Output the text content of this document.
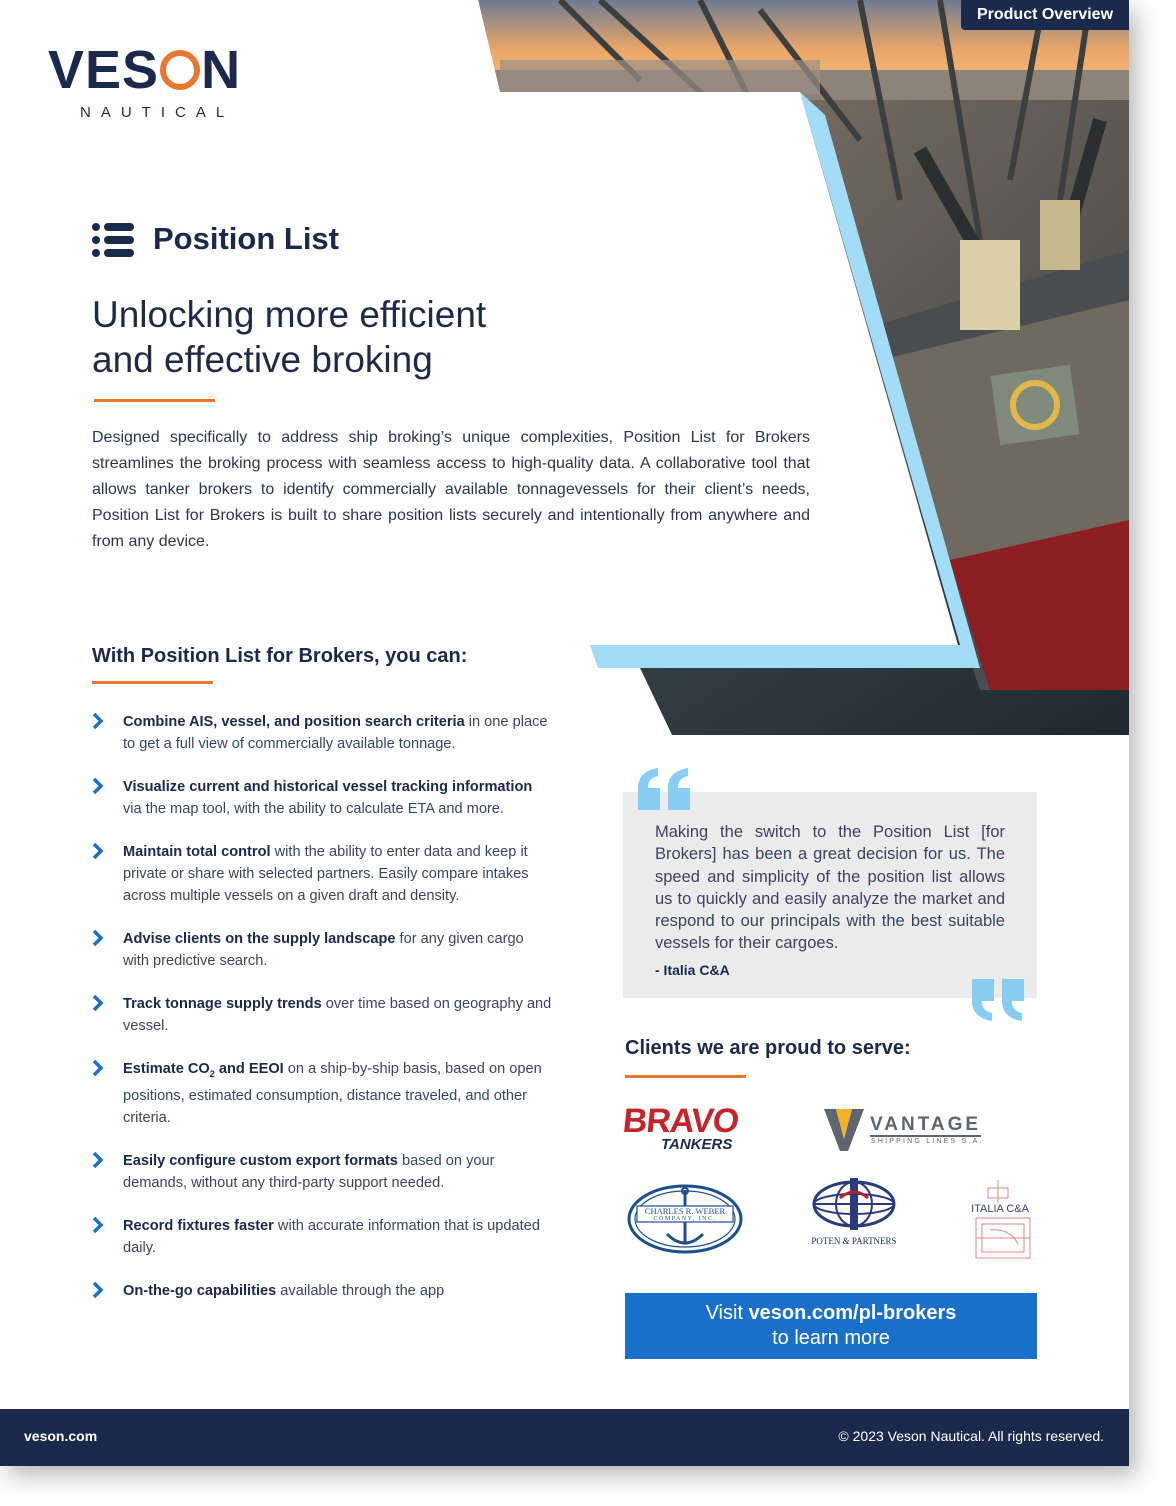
Product Overview
VES N
NAUTICAL
Position List
Unlocking more efficient
and effective broking
Designed specifically to address ship broking’s unique complexities, Position List for Brokers streamlines the broking process with seamless access to high-quality data. A collaborative tool that allows tanker brokers to identify commercially available tonnagevessels for their client’s needs, Position List for Brokers is built to share position lists securely and intentionally from anywhere and from any device.
With Position List for Brokers, you can:
Combine AIS, vessel, and position search criteria in one place to get a full view of commercially available tonnage.
Visualize current and historical vessel tracking information via the map tool, with the ability to calculate ETA and more.
Maintain total control with the ability to enter data and keep it private or share with selected partners. Easily compare intakes across multiple vessels on a given draft and density.
Advise clients on the supply landscape for any given cargo with predictive search.
Track tonnage supply trends over time based on geography and vessel.
Estimate $CO_2$ and EEOI on a ship-by-ship basis, based on open positions, estimated consumption, distance traveled, and other criteria.
Easily configure custom export formats based on your demands, without any third-party support needed.
Record fixtures faster with accurate information that is updated daily.
On-the-go capabilities available through the app
Making the switch to the Position List [for Brokers] has been a great decision for us. The speed and simplicity of the position list allows us to quickly and easily analyze the market and respond to our principals with the best suitable vessels for their cargoes.
- Italia C&A
Clients we are proud to serve:
BRAVO
TANKERS
VANTAGE
SHIPPING LINES S.A.
CHARLES R. WEBER
COMPANY, INC.
POTEN & PARTNERS
ITALIA C&A
Visit veson.com/pl-brokers
to learn more
veson.com	© 2023 Veson Nautical. All rights reserved.
